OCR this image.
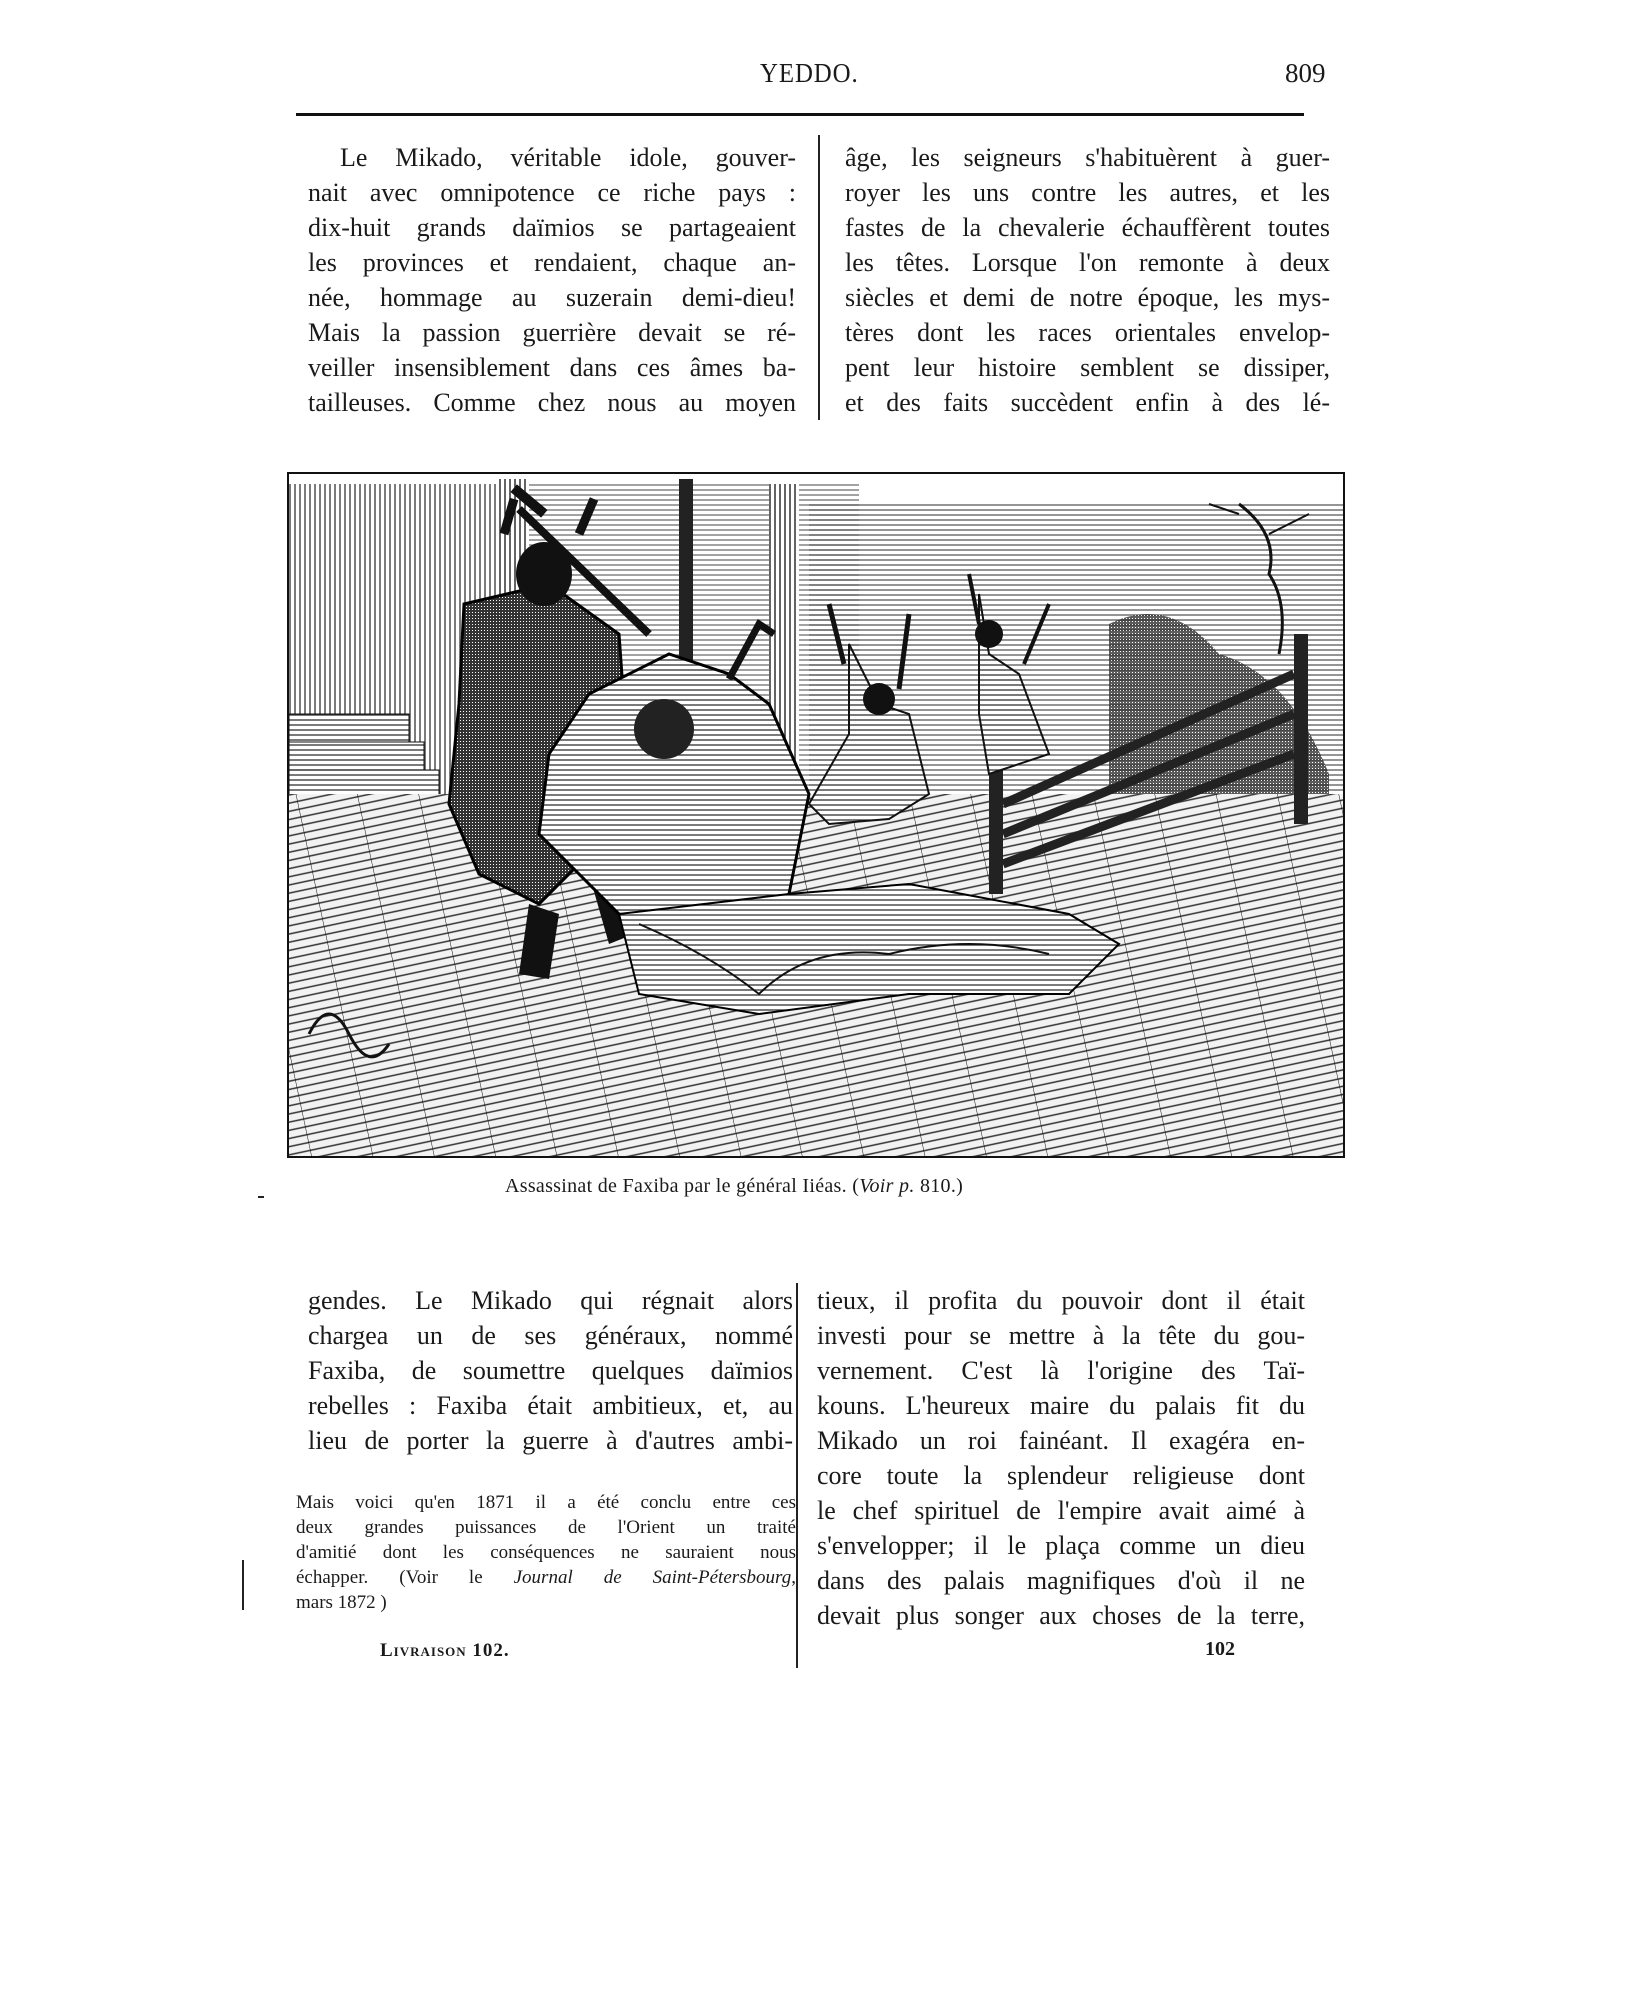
YEDDO.	809
Le Mikado, véritable idole, gouver-
nait avec omnipotence ce riche pays :
dix-huit grands daïmios se partageaient
les provinces et rendaient, chaque an-
née, hommage au suzerain demi-dieu!
Mais la passion guerrière devait se ré-
veiller insensiblement dans ces âmes ba-
tailleuses. Comme chez nous au moyen
âge, les seigneurs s'habituèrent à guer-
royer les uns contre les autres, et les
fastes de la chevalerie échauffèrent toutes
les têtes. Lorsque l'on remonte à deux
siècles et demi de notre époque, les mys-
tères dont les races orientales envelop-
pent leur histoire semblent se dissiper,
et des faits succèdent enfin à des lé-
Assassinat de Faxiba par le général Iiéas. (Voir p. 810.)
gendes. Le Mikado qui régnait alors
chargea un de ses généraux, nommé
Faxiba, de soumettre quelques daïmios
rebelles : Faxiba était ambitieux, et, au
lieu de porter la guerre à d'autres ambi-
tieux, il profita du pouvoir dont il était
investi pour se mettre à la tête du gou-
vernement. C'est là l'origine des Taï-
kouns. L'heureux maire du palais fit du
Mikado un roi fainéant. Il exagéra en-
core toute la splendeur religieuse dont
le chef spirituel de l'empire avait aimé à
s'envelopper; il le plaça comme un dieu
dans des palais magnifiques d'où il ne
devait plus songer aux choses de la terre,
Mais voici qu'en 1871 il a été conclu entre ces
deux grandes puissances de l'Orient un traité
d'amitié dont les conséquences ne sauraient nous
échapper. (Voir le Journal de Saint-Pétersbourg,
mars 1872 )
Livraison 102.	102
